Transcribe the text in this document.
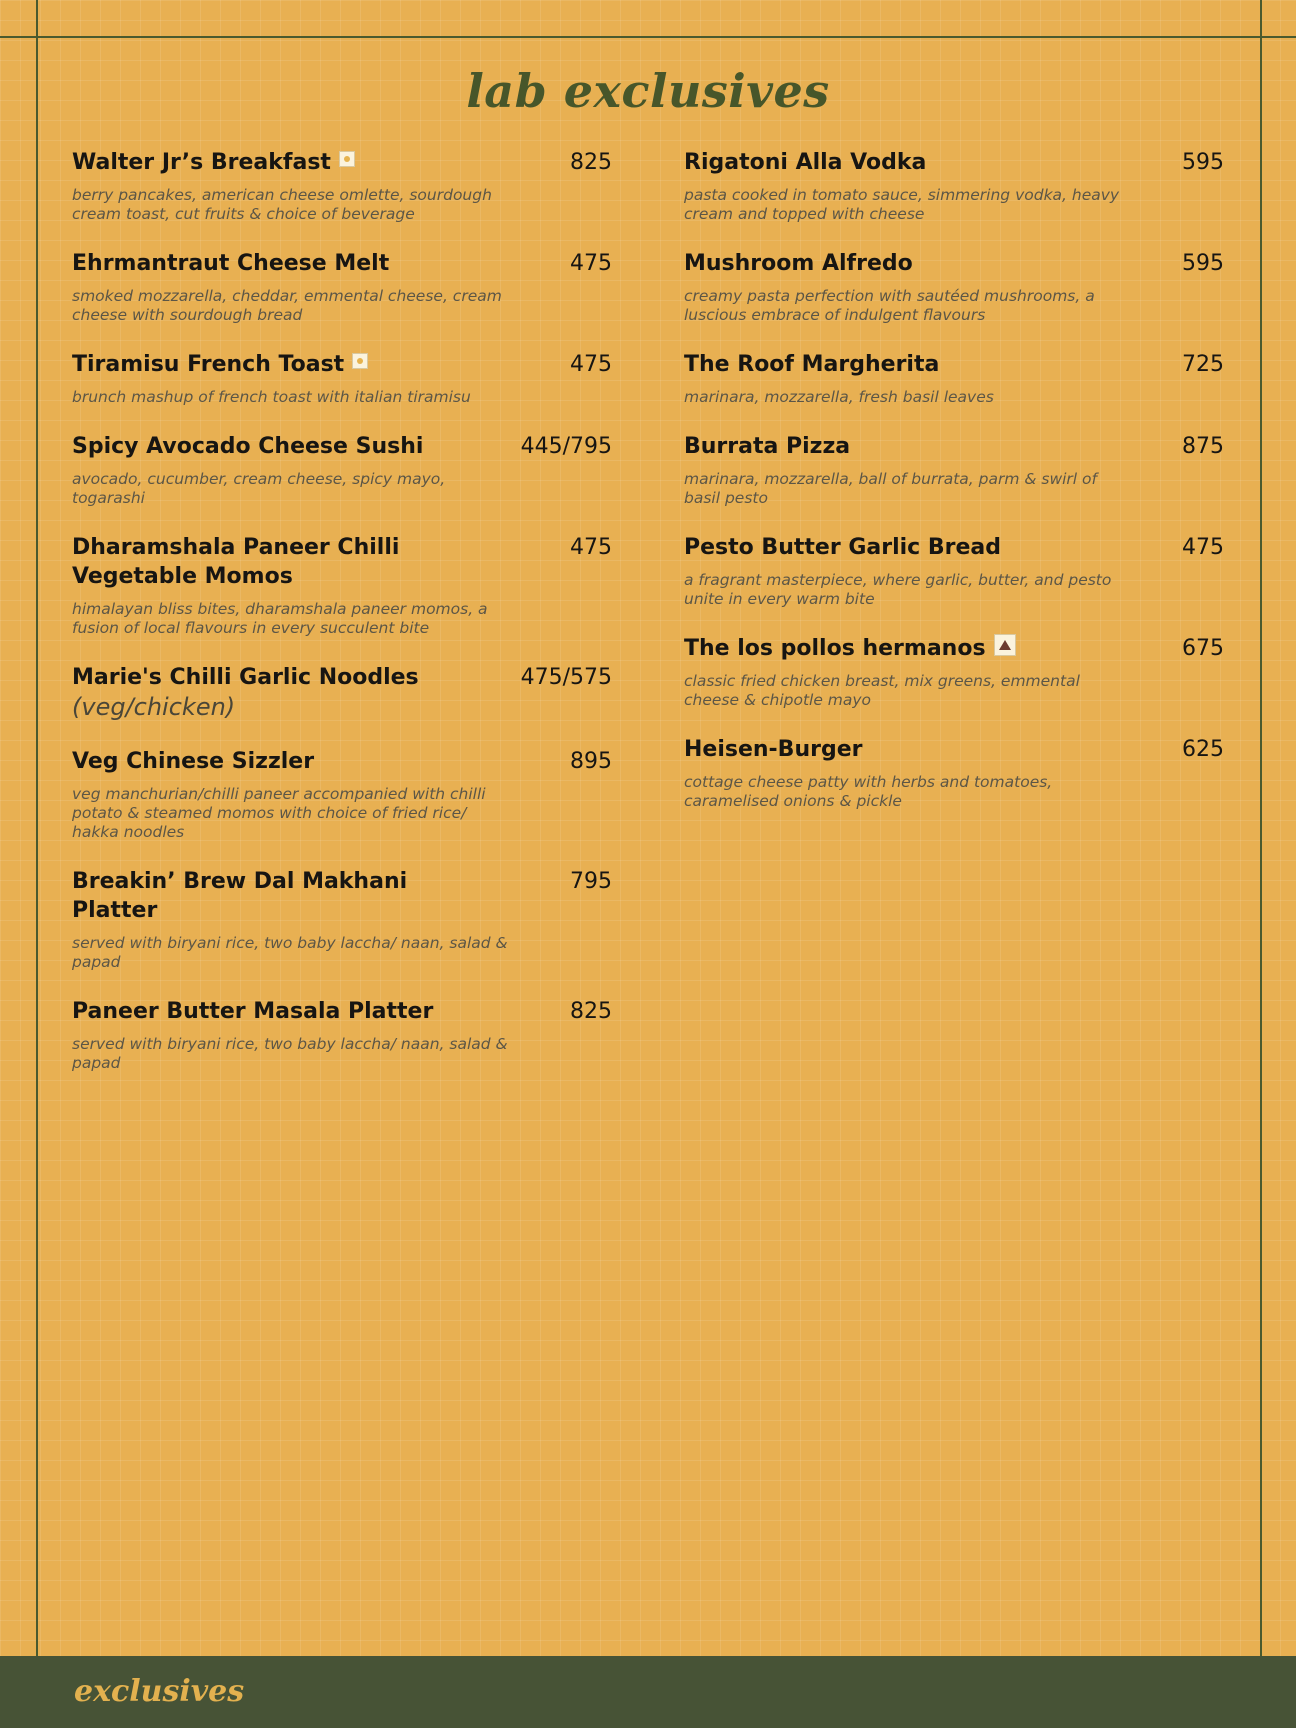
lab exclusives
Walter Jr’s Breakfast	825
berry pancakes, american cheese omlette, sourdough cream toast, cut fruits & choice of beverage
Ehrmantraut Cheese Melt	475
smoked mozzarella, cheddar, emmental cheese, cream cheese with sourdough bread
Tiramisu French Toast	475
brunch mashup of french toast with italian tiramisu
Spicy Avocado Cheese Sushi	445/795
avocado, cucumber, cream cheese, spicy mayo, togarashi
Dharamshala Paneer Chilli Vegetable Momos
475
himalayan bliss bites, dharamshala paneer momos, a fusion of local flavours in every succulent bite
Marie's Chilli Garlic Noodles
(veg/chicken)
475/575
Veg Chinese Sizzler	895
veg manchurian/chilli paneer accompanied with chilli potato & steamed momos with choice of fried rice/ hakka noodles
Breakin’ Brew Dal Makhani Platter
795
served with biryani rice, two baby laccha/ naan, salad & papad
Paneer Butter Masala Platter	825
served with biryani rice, two baby laccha/ naan, salad & papad
Rigatoni Alla Vodka	595
pasta cooked in tomato sauce, simmering vodka, heavy cream and topped with cheese
Mushroom Alfredo	595
creamy pasta perfection with sautéed mushrooms, a luscious embrace of indulgent flavours
The Roof Margherita	725
marinara, mozzarella, fresh basil leaves
Burrata Pizza	875
marinara, mozzarella, ball of burrata, parm & swirl of basil pesto
Pesto Butter Garlic Bread	475
a fragrant masterpiece, where garlic, butter, and pesto unite in every warm bite
The los pollos hermanos	675
classic fried chicken breast, mix greens, emmental cheese & chipotle mayo
Heisen-Burger	625
cottage cheese patty with herbs and tomatoes, caramelised onions & pickle
exclusives
